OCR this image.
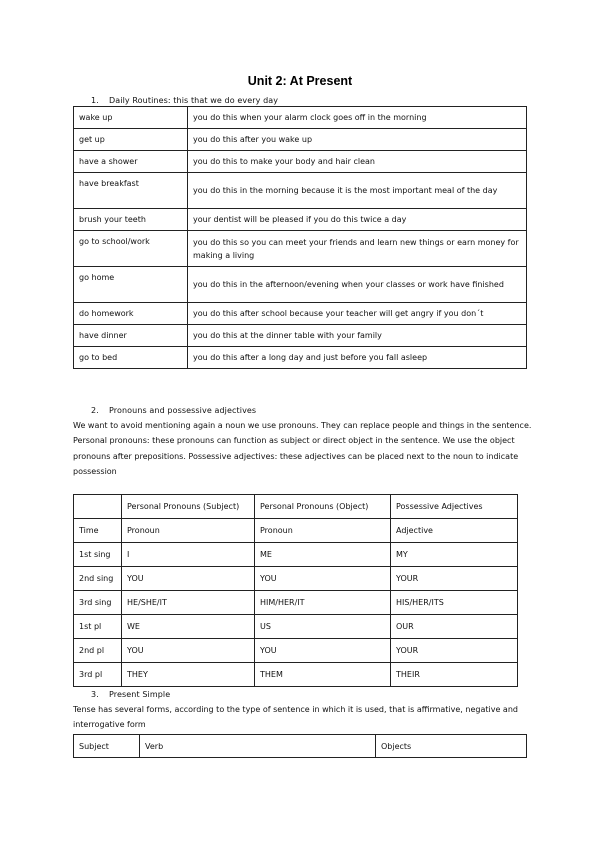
Unit 2: At Present
1. Daily Routines: this that we do every day
wake up	you do this when your alarm clock goes off in the morning
get up	you do this after you wake up
have a shower	you do this to make your body and hair clean
have breakfast	you do this in the morning because it is the most important meal of the day
brush your teeth	your dentist will be pleased if you do this twice a day
go to school/work	you do this so you can meet your friends and learn new things or earn money for making a living
go home	you do this in the afternoon/evening when your classes or work have finished
do homework	you do this after school because your teacher will get angry if you don´t
have dinner	you do this at the dinner table with your family
go to bed	you do this after a long day and just before you fall asleep
2. Pronouns and possessive adjectives
We want to avoid mentioning again a noun we use pronouns. They can replace people and things in the sentence. Personal pronouns: these pronouns can function as subject or direct object in the sentence. We use the object pronouns after prepositions. Possessive adjectives: these adjectives can be placed next to the noun to indicate possession
	Personal Pronouns (Subject)	Personal Pronouns (Object)	Possessive Adjectives
Time	Pronoun	Pronoun	Adjective
1st sing	I	ME	MY
2nd sing	YOU	YOU	YOUR
3rd sing	HE/SHE/IT	HIM/HER/IT	HIS/HER/ITS
1st pl	WE	US	OUR
2nd pl	YOU	YOU	YOUR
3rd pl	THEY	THEM	THEIR
3. Present Simple
Tense has several forms, according to the type of sentence in which it is used, that is affirmative, negative and interrogative form
Subject	Verb	Objects
